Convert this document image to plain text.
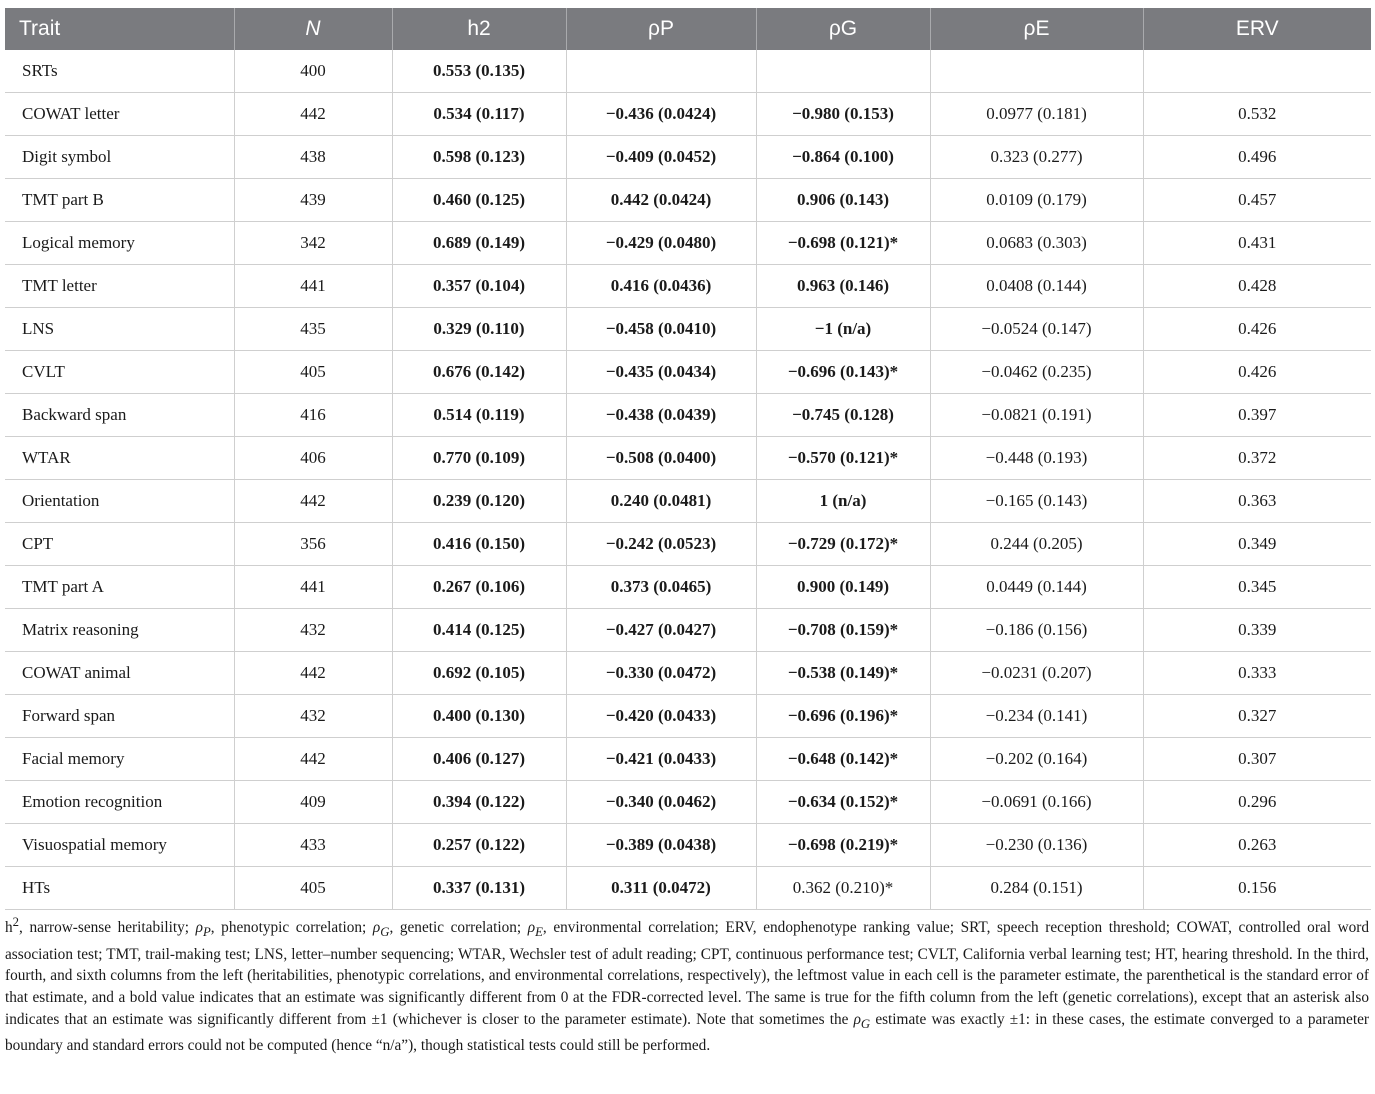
Trait	N	h2	ρP	ρG	ρE	ERV
SRTs	400	0.553 (0.135)				
COWAT letter	442	0.534 (0.117)	−0.436 (0.0424)	−0.980 (0.153)	0.0977 (0.181)	0.532
Digit symbol	438	0.598 (0.123)	−0.409 (0.0452)	−0.864 (0.100)	0.323 (0.277)	0.496
TMT part B	439	0.460 (0.125)	0.442 (0.0424)	0.906 (0.143)	0.0109 (0.179)	0.457
Logical memory	342	0.689 (0.149)	−0.429 (0.0480)	−0.698 (0.121)*	0.0683 (0.303)	0.431
TMT letter	441	0.357 (0.104)	0.416 (0.0436)	0.963 (0.146)	0.0408 (0.144)	0.428
LNS	435	0.329 (0.110)	−0.458 (0.0410)	−1 (n/a)	−0.0524 (0.147)	0.426
CVLT	405	0.676 (0.142)	−0.435 (0.0434)	−0.696 (0.143)*	−0.0462 (0.235)	0.426
Backward span	416	0.514 (0.119)	−0.438 (0.0439)	−0.745 (0.128)	−0.0821 (0.191)	0.397
WTAR	406	0.770 (0.109)	−0.508 (0.0400)	−0.570 (0.121)*	−0.448 (0.193)	0.372
Orientation	442	0.239 (0.120)	0.240 (0.0481)	1 (n/a)	−0.165 (0.143)	0.363
CPT	356	0.416 (0.150)	−0.242 (0.0523)	−0.729 (0.172)*	0.244 (0.205)	0.349
TMT part A	441	0.267 (0.106)	0.373 (0.0465)	0.900 (0.149)	0.0449 (0.144)	0.345
Matrix reasoning	432	0.414 (0.125)	−0.427 (0.0427)	−0.708 (0.159)*	−0.186 (0.156)	0.339
COWAT animal	442	0.692 (0.105)	−0.330 (0.0472)	−0.538 (0.149)*	−0.0231 (0.207)	0.333
Forward span	432	0.400 (0.130)	−0.420 (0.0433)	−0.696 (0.196)*	−0.234 (0.141)	0.327
Facial memory	442	0.406 (0.127)	−0.421 (0.0433)	−0.648 (0.142)*	−0.202 (0.164)	0.307
Emotion recognition	409	0.394 (0.122)	−0.340 (0.0462)	−0.634 (0.152)*	−0.0691 (0.166)	0.296
Visuospatial memory	433	0.257 (0.122)	−0.389 (0.0438)	−0.698 (0.219)*	−0.230 (0.136)	0.263
HTs	405	0.337 (0.131)	0.311 (0.0472)	0.362 (0.210)*	0.284 (0.151)	0.156
$h^2$, narrow-sense heritability; $\rho_P$, phenotypic correlation; $\rho_G$, genetic correlation; $\rho_E$, environmental correlation; ERV, endophenotype ranking value; SRT, speech reception threshold; COWAT, controlled oral word association test; TMT, trail-making test; LNS, letter–number sequencing; WTAR, Wechsler test of adult reading; CPT, continuous performance test; CVLT, California verbal learning test; HT, hearing threshold. In the third, fourth, and sixth columns from the left (heritabilities, phenotypic correlations, and environmental correlations, respectively), the leftmost value in each cell is the parameter estimate, the parenthetical is the standard error of that estimate, and a bold value indicates that an estimate was significantly different from 0 at the FDR-corrected level. The same is true for the fifth column from the left (genetic correlations), except that an asterisk also indicates that an estimate was significantly different from ±1 (whichever is closer to the parameter estimate). Note that sometimes the $\rho_G$ estimate was exactly ±1: in these cases, the estimate converged to a parameter boundary and standard errors could not be computed (hence “n/a”), though statistical tests could still be performed.
